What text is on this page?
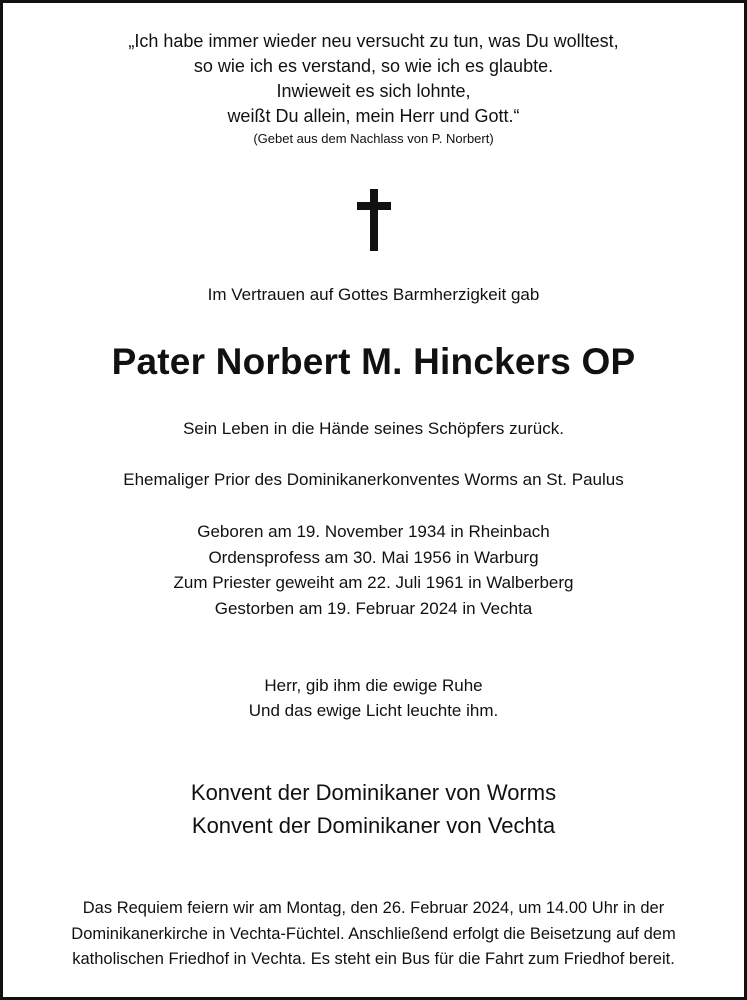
„Ich habe immer wieder neu versucht zu tun, was Du wolltest,
so wie ich es verstand, so wie ich es glaubte.
Inwieweit es sich lohnte,
weißt Du allein, mein Herr und Gott.“
(Gebet aus dem Nachlass von P. Norbert)
Im Vertrauen auf Gottes Barmherzigkeit gab
Pater Norbert M. Hinckers OP
Sein Leben in die Hände seines Schöpfers zurück.
Ehemaliger Prior des Dominikanerkonventes Worms an St. Paulus
Geboren am 19. November 1934 in Rheinbach
Ordensprofess am 30. Mai 1956 in Warburg
Zum Priester geweiht am 22. Juli 1961 in Walberberg
Gestorben am 19. Februar 2024 in Vechta
Herr, gib ihm die ewige Ruhe
Und das ewige Licht leuchte ihm.
Konvent der Dominikaner von Worms
Konvent der Dominikaner von Vechta
Das Requiem feiern wir am Montag, den 26. Februar 2024, um 14.00 Uhr in der
Dominikanerkirche in Vechta-Füchtel. Anschließend erfolgt die Beisetzung auf dem
katholischen Friedhof in Vechta. Es steht ein Bus für die Fahrt zum Friedhof bereit.
